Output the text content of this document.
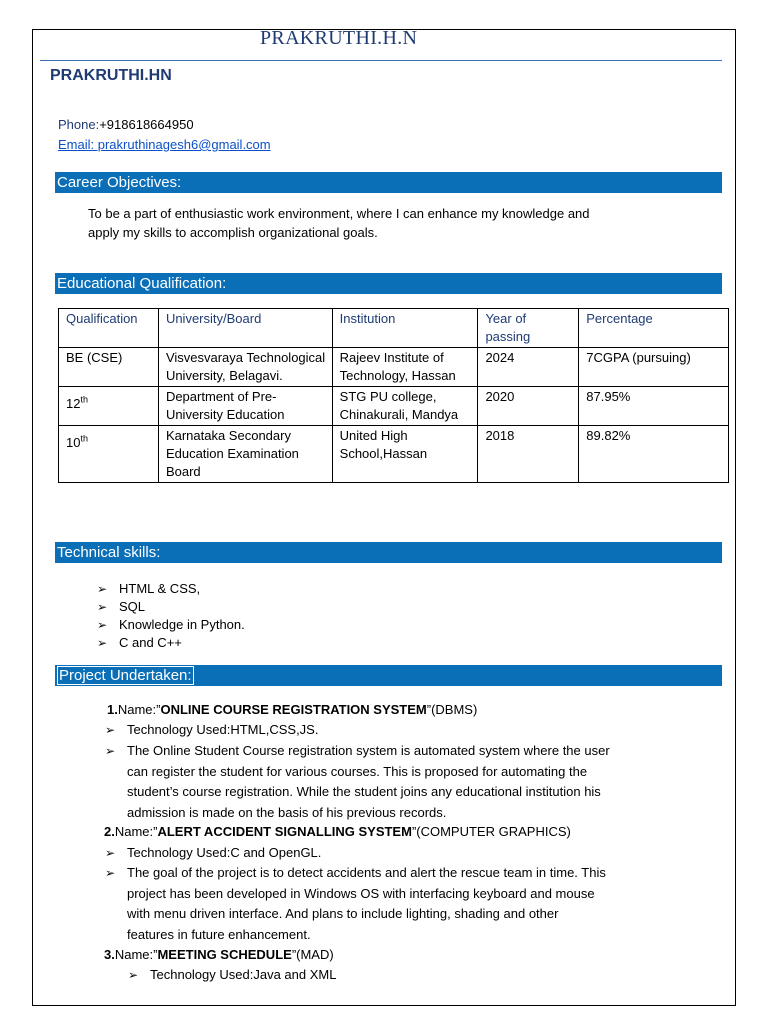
PRAKRUTHI.H.N
PRAKRUTHI.HN
Phone:+918618664950
Email: prakruthinagesh6@gmail.com
Career Objectives:
To be a part of enthusiastic work environment, where I can enhance my knowledge and
apply my skills to accomplish organizational goals.
Educational Qualification:
Qualification	University/Board	Institution	Year of passing	Percentage
BE (CSE)	Visvesvaraya Technological University, Belagavi.	Rajeev Institute of Technology, Hassan	2024	7CGPA (pursuing)
12th	Department of Pre-University Education	STG PU college, Chinakurali, Mandya	2020	87.95%
10th	Karnataka Secondary Education Examination Board	United High School,Hassan	2018	89.82%
Technical skills:
➢ HTML & CSS,
➢ SQL
➢ Knowledge in Python.
➢ C and C++
Project Undertaken:
1.Name:”ONLINE COURSE REGISTRATION SYSTEM”(DBMS)
➢ Technology Used:HTML,CSS,JS.
➢ The Online Student Course registration system is automated system where the user
can register the student for various courses. This is proposed for automating the
student’s course registration. While the student joins any educational institution his
admission is made on the basis of his previous records.
2.Name:”ALERT ACCIDENT SIGNALLING SYSTEM”(COMPUTER GRAPHICS)
➢ Technology Used:C and OpenGL.
➢ The goal of the project is to detect accidents and alert the rescue team in time. This
project has been developed in Windows OS with interfacing keyboard and mouse
with menu driven interface. And plans to include lighting, shading and other
features in future enhancement.
3.Name:”MEETING SCHEDULE”(MAD)
➢ Technology Used:Java and XML
